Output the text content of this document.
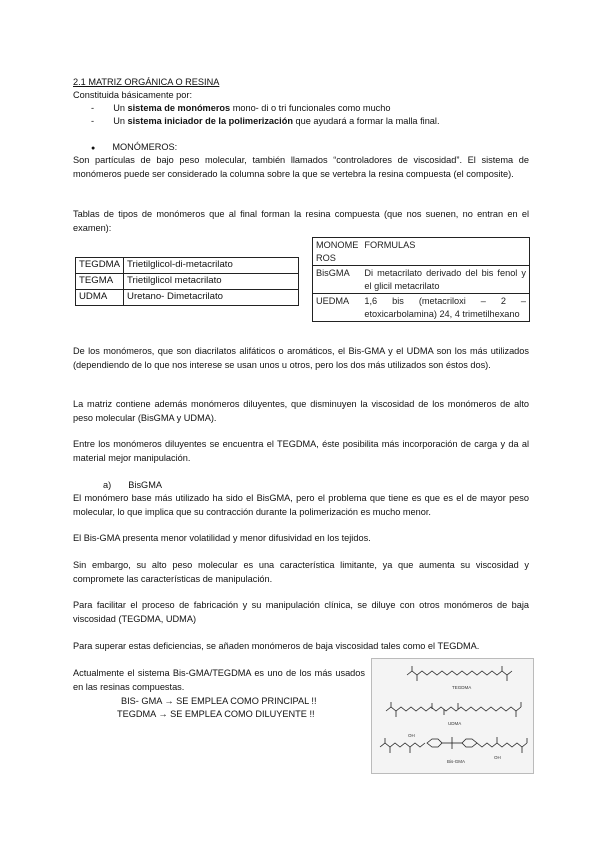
2.1 MATRIZ ORGÁNICA O RESINA
Constituida básicamente por:
- Un sistema de monómeros mono- di o tri funcionales como mucho
- Un sistema iniciador de la polimerización que ayudará a formar la malla final.
● MONÓMEROS:
Son partículas de bajo peso molecular, también llamados “controladores de viscosidad”. El sistema de monómeros puede ser considerado la columna sobre la que se vertebra la resina compuesta (el composite).
Tablas de tipos de monómeros que al final forman la resina compuesta (que nos suenen, no entran en el examen):
TEGDMA	Trietilglicol-di-metacrilato
TEGMA	Trietilglicol metacrilato
UDMA	Uretano- Dimetacrilato
MONOME ROS	FORMULAS
BisGMA	Di metacrilato derivado del bis fenol y el glicil metacrilato
UEDMA	1,6 bis (metacriloxi – 2 – etoxicarbolamina) 24, 4 trimetilhexano
De los monómeros, que son diacrilatos alifáticos o aromáticos, el Bis-GMA y el UDMA son los más utilizados (dependiendo de lo que nos interese se usan unos u otros, pero los dos más utilizados son éstos dos).
La matriz contiene además monómeros diluyentes, que disminuyen la viscosidad de los monómeros de alto peso molecular (BisGMA y UDMA).
Entre los monómeros diluyentes se encuentra el TEGDMA, éste posibilita más incorporación de carga y da al material mejor manipulación.
a) BisGMA
El monómero base más utilizado ha sido el BisGMA, pero el problema que tiene es que es el de mayor peso molecular, lo que implica que su contracción durante la polimerización es mucho menor.
El Bis-GMA presenta menor volatilidad y menor difusividad en los tejidos.
Sin embargo, su alto peso molecular es una característica limitante, ya que aumenta su viscosidad y compromete las características de manipulación.
Para facilitar el proceso de fabricación y su manipulación clínica, se diluye con otros monómeros de baja viscosidad (TEGDMA, UDMA)
Para superar estas deficiencias, se añaden monómeros de baja viscosidad tales como el TEGDMA.
Actualmente el sistema Bis-GMA/TEGDMA es uno de los más usados en las resinas compuestas.
BIS- GMA → SE EMPLEA COMO PRINCIPAL !!
TEGDMA → SE EMPLEA COMO DILUYENTE !!
TEGDMA
UDMA
Bis-GMA
OH
OH
